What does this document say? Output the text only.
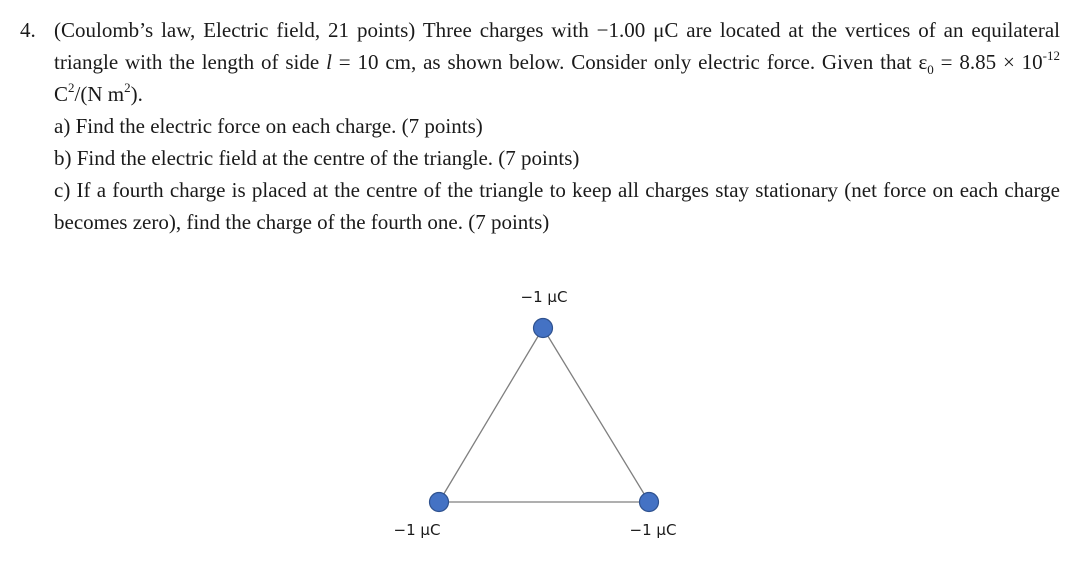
4. (Coulomb’s law, Electric field, 21 points) Three charges with −1.00 μC are located at the vertices of an equilateral triangle with the length of side l = 10 cm, as shown below. Consider only electric force. Given that $\varepsilon_0 = 8.85 \times 10^{-12}$ $C^2/(N$ $m^2$).
a) Find the electric force on each charge. (7 points)
b) Find the electric field at the centre of the triangle. (7 points)
c) If a fourth charge is placed at the centre of the triangle to keep all charges stay stationary (net force on each charge becomes zero), find the charge of the fourth one. (7 points)
−1 μC
−1 μC	−1 μC
